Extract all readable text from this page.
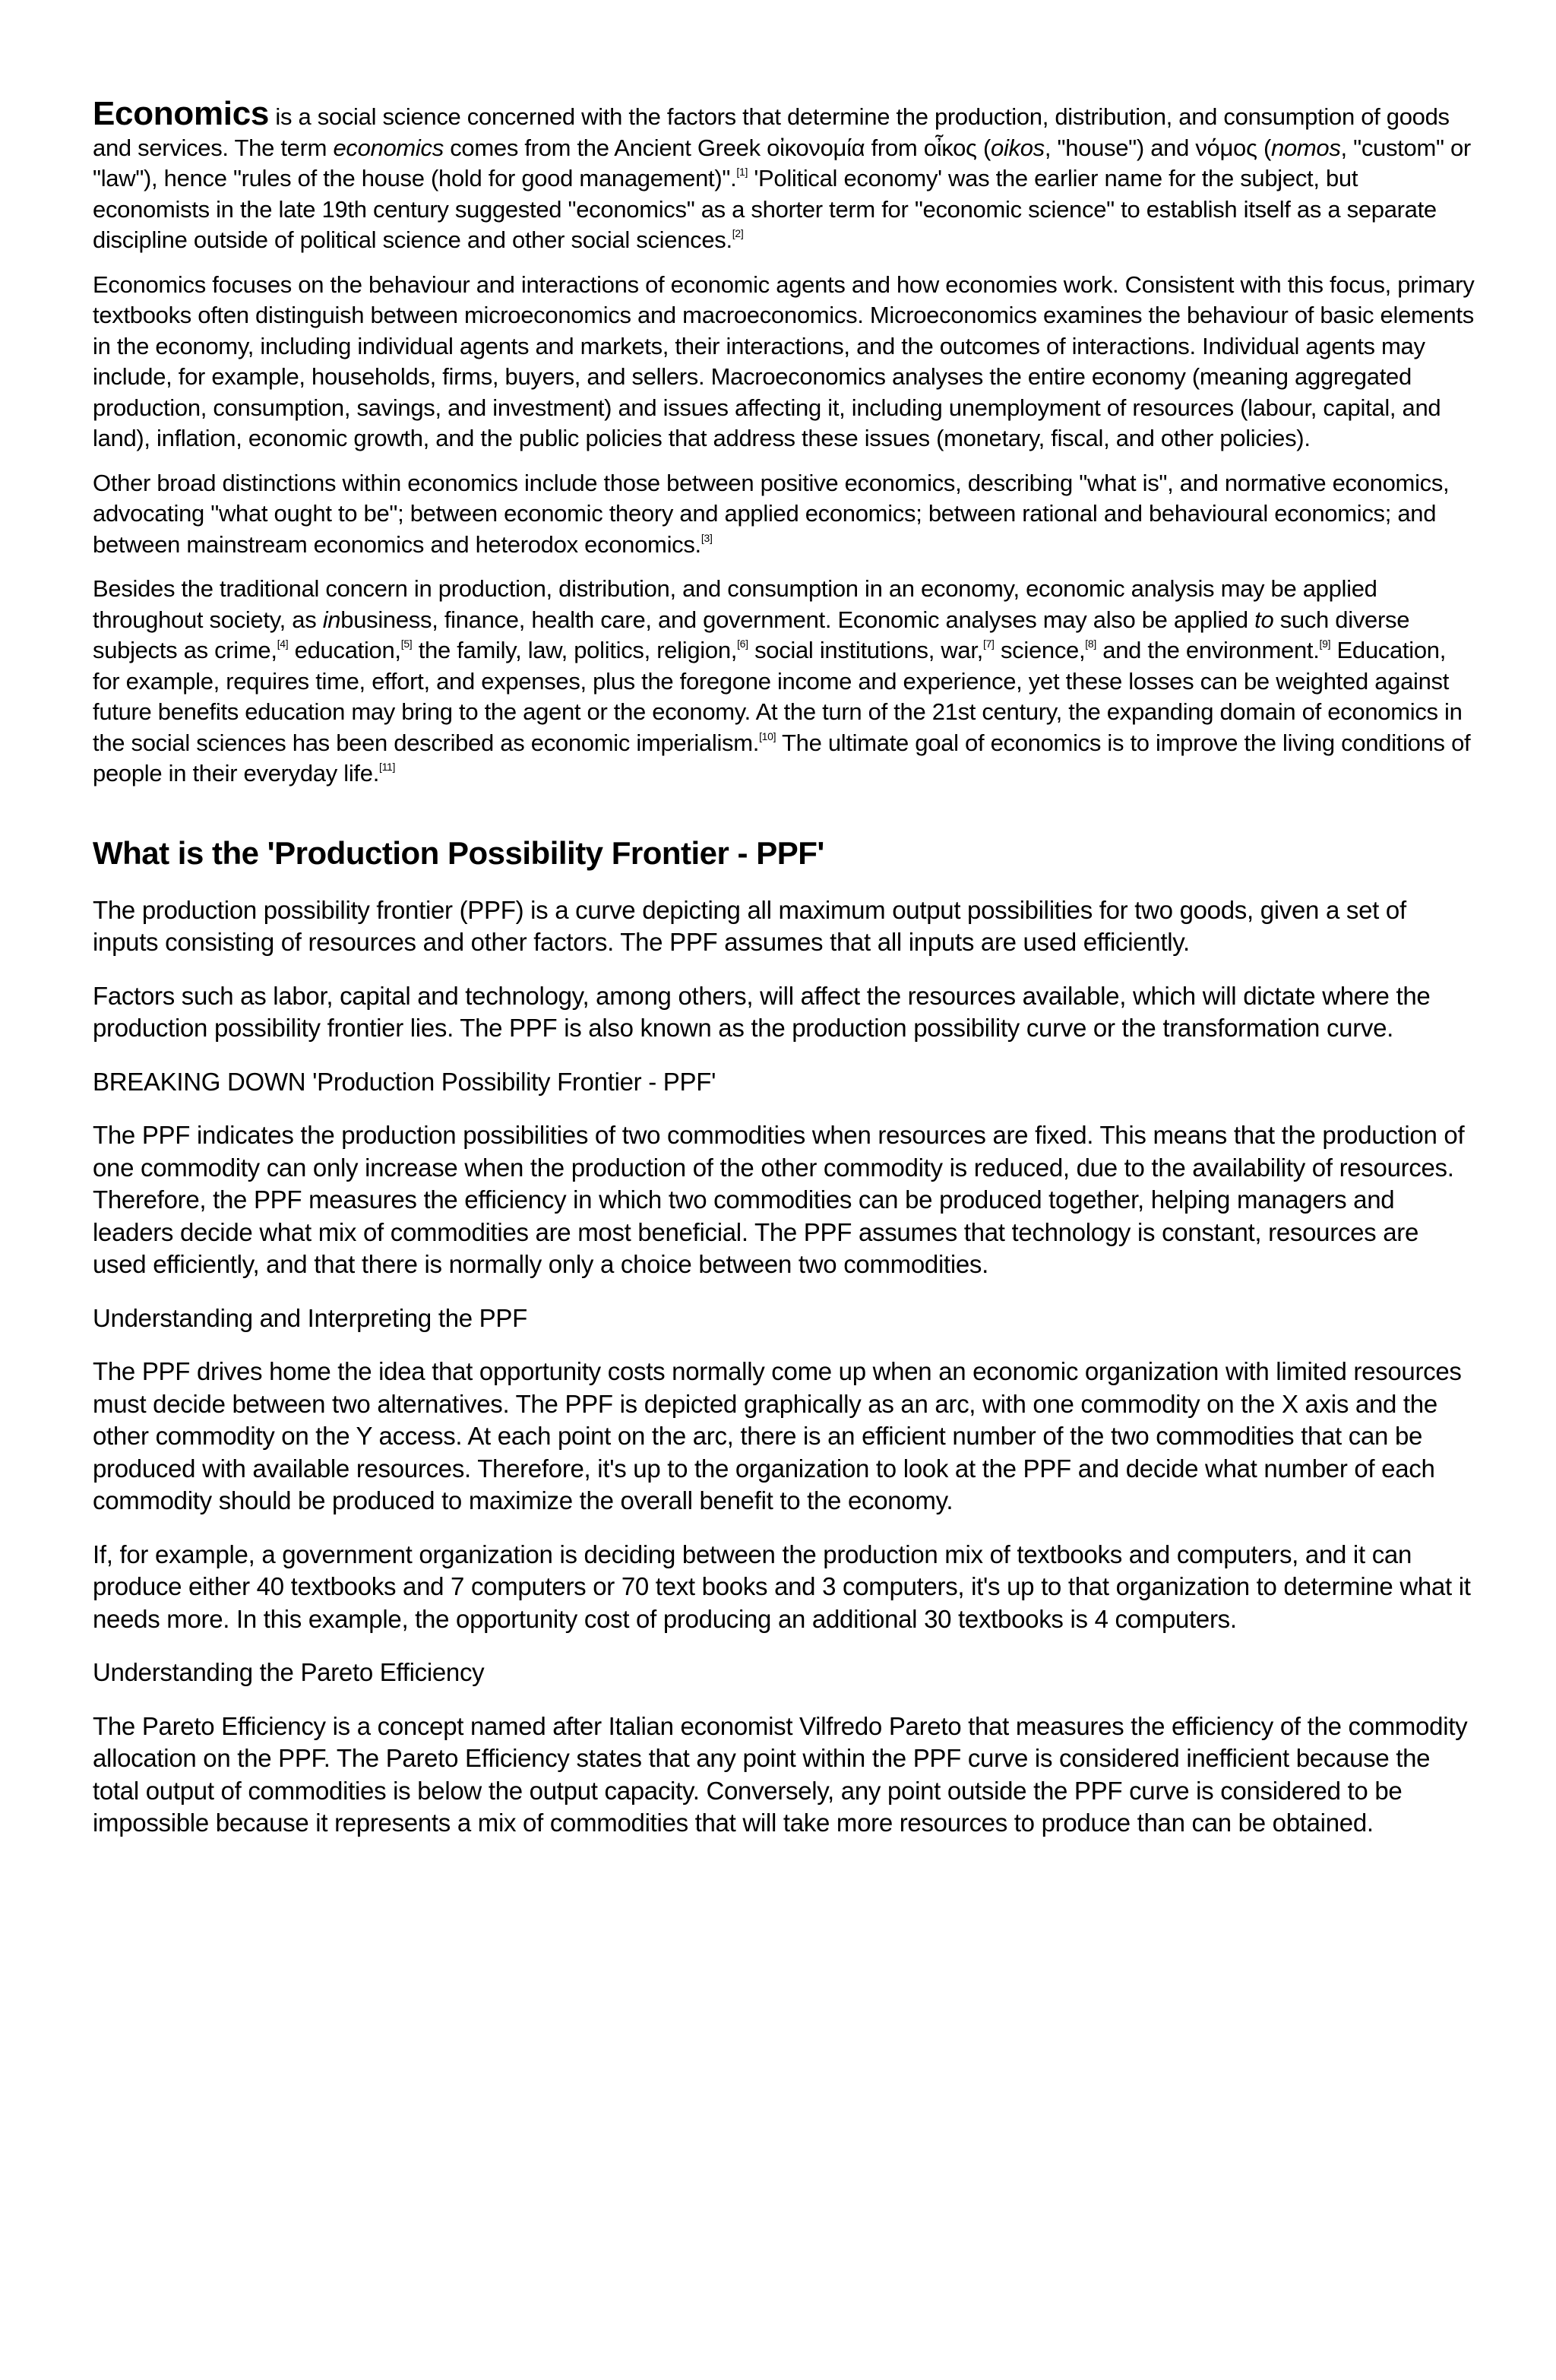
Economics is a social science concerned with the factors that determine the production, distribution, and consumption of goods and services. The term economics comes from the Ancient Greek οἰκονομία from οἶκος (oikos, "house") and νόμος (nomos, "custom" or "law"), hence "rules of the house (hold for good management)".[1] 'Political economy' was the earlier name for the subject, but economists in the late 19th century suggested "economics" as a shorter term for "economic science" to establish itself as a separate discipline outside of political science and other social sciences.[2]

Economics focuses on the behaviour and interactions of economic agents and how economies work. Consistent with this focus, primary textbooks often distinguish between microeconomics and macroeconomics. Microeconomics examines the behaviour of basic elements in the economy, including individual agents and markets, their interactions, and the outcomes of interactions. Individual agents may include, for example, households, firms, buyers, and sellers. Macroeconomics analyses the entire economy (meaning aggregated production, consumption, savings, and investment) and issues affecting it, including unemployment of resources (labour, capital, and land), inflation, economic growth, and the public policies that address these issues (monetary, fiscal, and other policies).

Other broad distinctions within economics include those between positive economics, describing "what is", and normative economics, advocating "what ought to be"; between economic theory and applied economics; between rational and behavioural economics; and between mainstream economics and heterodox economics.[3]

Besides the traditional concern in production, distribution, and consumption in an economy, economic analysis may be applied throughout society, as inbusiness, finance, health care, and government. Economic analyses may also be applied to such diverse subjects as crime,[4] education,[5] the family, law, politics, religion,[6] social institutions, war,[7] science,[8] and the environment.[9] Education, for example, requires time, effort, and expenses, plus the foregone income and experience, yet these losses can be weighted against future benefits education may bring to the agent or the economy. At the turn of the 21st century, the expanding domain of economics in the social sciences has been described as economic imperialism.[10] The ultimate goal of economics is to improve the living conditions of people in their everyday life.[11]

What is the 'Production Possibility Frontier - PPF'

The production possibility frontier (PPF) is a curve depicting all maximum output possibilities for two goods, given a set of inputs consisting of resources and other factors. The PPF assumes that all inputs are used efficiently.

Factors such as labor, capital and technology, among others, will affect the resources available, which will dictate where the production possibility frontier lies. The PPF is also known as the production possibility curve or the transformation curve.

BREAKING DOWN 'Production Possibility Frontier - PPF'

The PPF indicates the production possibilities of two commodities when resources are fixed. This means that the production of one commodity can only increase when the production of the other commodity is reduced, due to the availability of resources. Therefore, the PPF measures the efficiency in which two commodities can be produced together, helping managers and leaders decide what mix of commodities are most beneficial. The PPF assumes that technology is constant, resources are used efficiently, and that there is normally only a choice between two commodities.

Understanding and Interpreting the PPF

The PPF drives home the idea that opportunity costs normally come up when an economic organization with limited resources must decide between two alternatives. The PPF is depicted graphically as an arc, with one commodity on the X axis and the other commodity on the Y access. At each point on the arc, there is an efficient number of the two commodities that can be produced with available resources. Therefore, it's up to the organization to look at the PPF and decide what number of each commodity should be produced to maximize the overall benefit to the economy.

If, for example, a government organization is deciding between the production mix of textbooks and computers, and it can produce either 40 textbooks and 7 computers or 70 text books and 3 computers, it's up to that organization to determine what it needs more. In this example, the opportunity cost of producing an additional 30 textbooks is 4 computers.

Understanding the Pareto Efficiency

The Pareto Efficiency is a concept named after Italian economist Vilfredo Pareto that measures the efficiency of the commodity allocation on the PPF. The Pareto Efficiency states that any point within the PPF curve is considered inefficient because the total output of commodities is below the output capacity. Conversely, any point outside the PPF curve is considered to be impossible because it represents a mix of commodities that will take more resources to produce than can be obtained.
